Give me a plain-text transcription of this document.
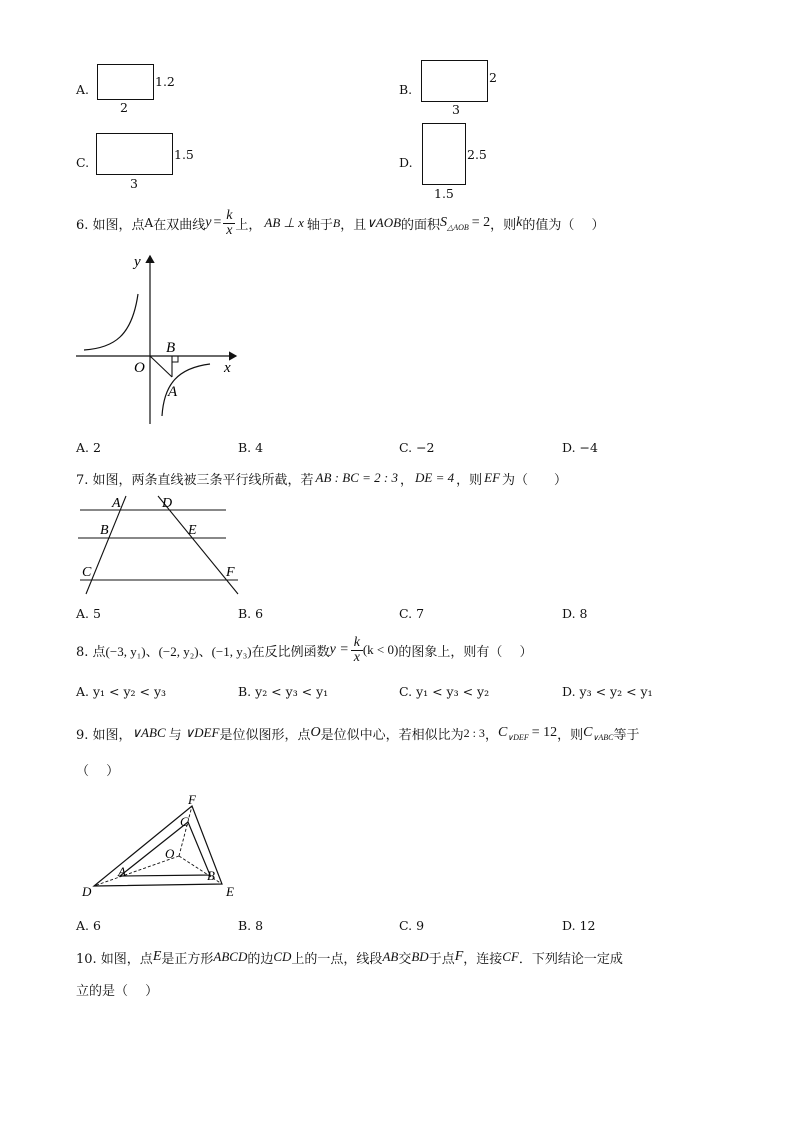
A.
1.2
2
B.
2
3
C.
1.5
3
D.
2.5
1.5
6. 如图，点 A 在双曲线 y = k
x 上， AB ⊥ x 轴于 B ，且 ∨AOB 的面积 S △AOB = 2 ，则 k 的值为（　 ）
y
x
O
B
A
A. 2	B. 4	C. −2	D. −4
7. 如图，两条直线被三条平行线所截，若 AB : BC = 2 : 3 ， DE = 4 ，则 EF 为（　　）
A	D
B	E
C	F
A. 5	B. 6	C. 7	D. 8
8. 点 (−3, y₁)、(−2, y₂)、(−1, y₃) 在反比例函数 y = k
x (k < 0) 的图象上，则有（　 ）
A. y₁ < y₂ < y₃	B. y₂ < y₃ < y₁	C. y₁ < y₃ < y₂	D. y₃ < y₂ < y₁
9. 如图， ∨ABC 与 ∨DEF 是位似图形，点 O 是位似中心，若相似比为 2 : 3 ， C ∨DEF = 12 ，则 C ∨ABC 等于
（　 ）
F
C
O
A	B
D	E
A. 6	B. 8	C. 9	D. 12
10. 如图，点 E 是正方形 ABCD 的边 CD 上的一点，线段 AB 交 BD 于点 F ，连接 CF ．下列结论一定成
立的是（　 ）
